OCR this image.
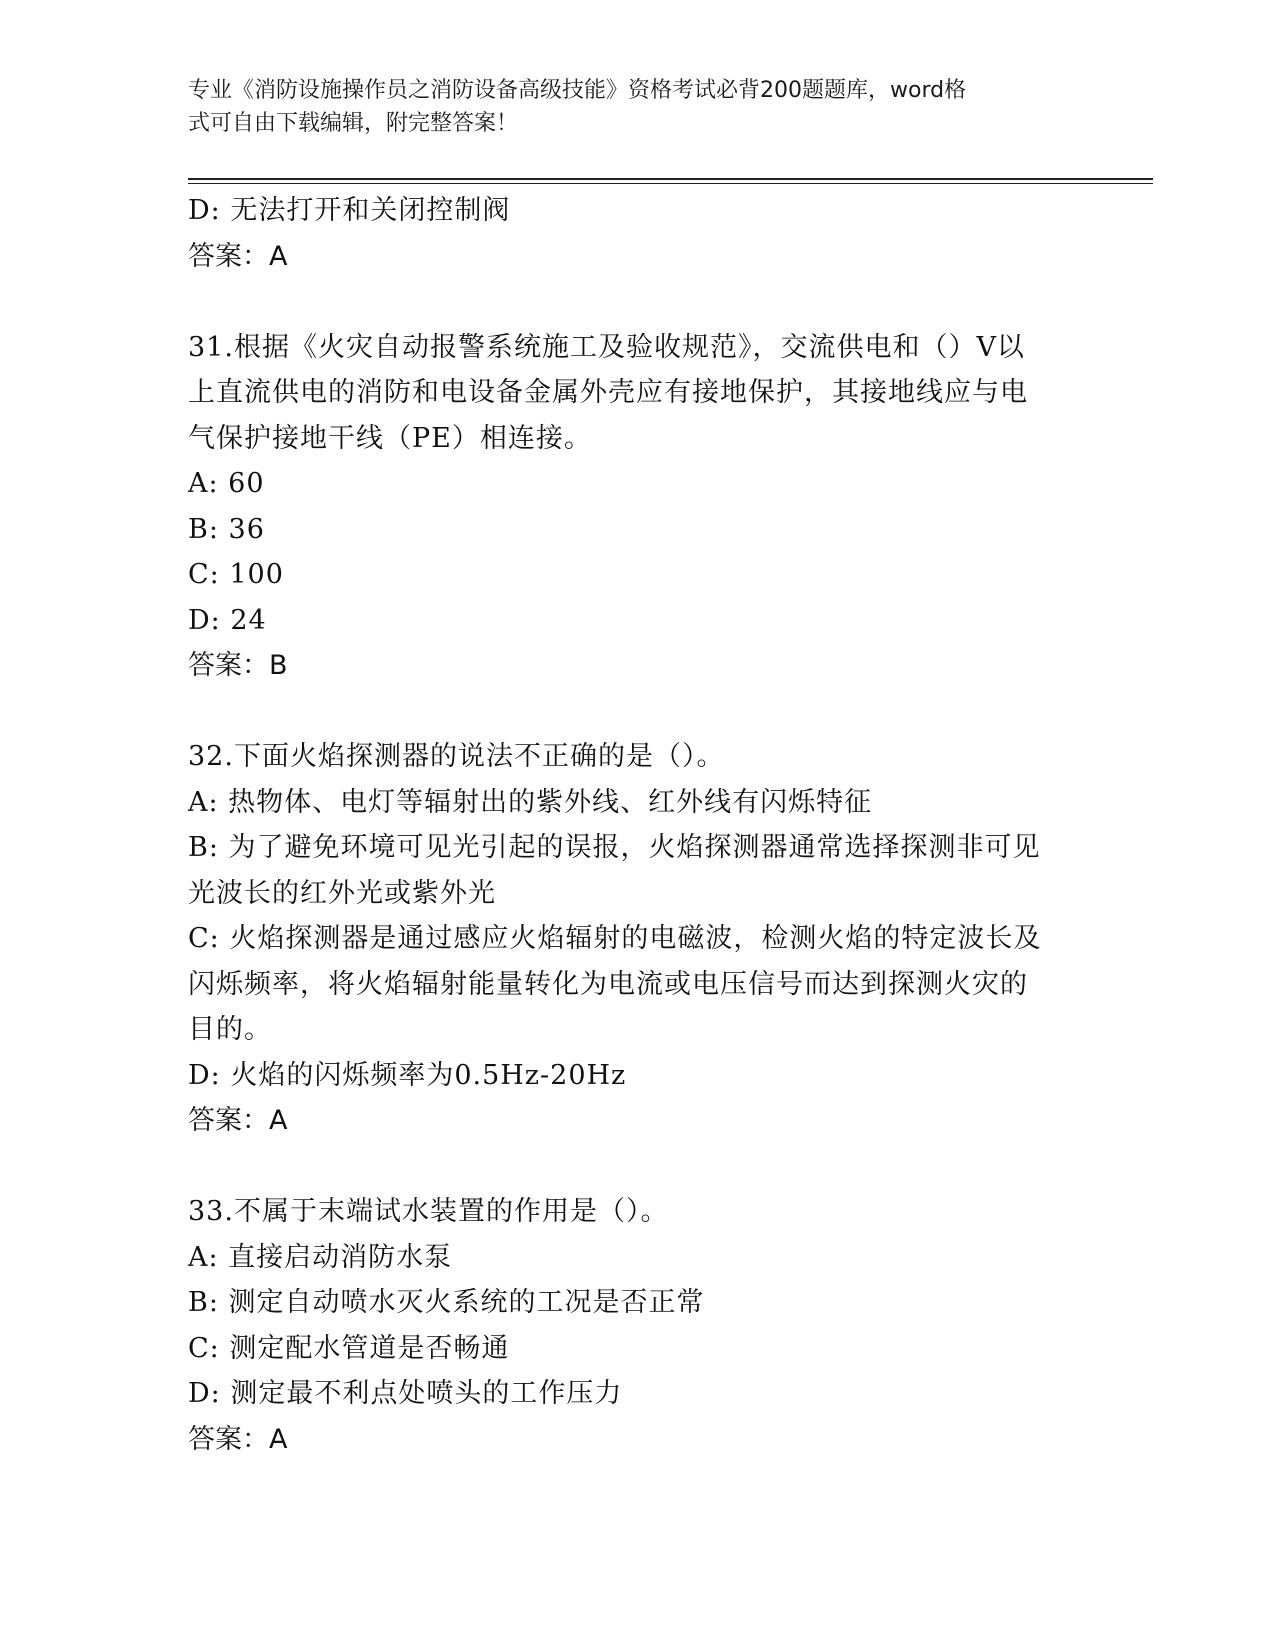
专业《消防设施操作员之消防设备高级技能》资格考试必背200题题库，word格
式可自由下载编辑，附完整答案！
D: 无法打开和关闭控制阀
答案：A
31.根据《火灾自动报警系统施工及验收规范》，交流供电和（）V以
上直流供电的消防和电设备金属外壳应有接地保护，其接地线应与电
气保护接地干线（PE）相连接。
A: 60
B: 36
C: 100
D: 24
答案：B
32.下面火焰探测器的说法不正确的是（）。
A: 热物体、电灯等辐射出的紫外线、红外线有闪烁特征
B: 为了避免环境可见光引起的误报，火焰探测器通常选择探测非可见
光波长的红外光或紫外光
C: 火焰探测器是通过感应火焰辐射的电磁波，检测火焰的特定波长及
闪烁频率，将火焰辐射能量转化为电流或电压信号而达到探测火灾的
目的。
D: 火焰的闪烁频率为0.5Hz-20Hz
答案：A
33.不属于末端试水装置的作用是（）。
A: 直接启动消防水泵
B: 测定自动喷水灭火系统的工况是否正常
C: 测定配水管道是否畅通
D: 测定最不利点处喷头的工作压力
答案：A
